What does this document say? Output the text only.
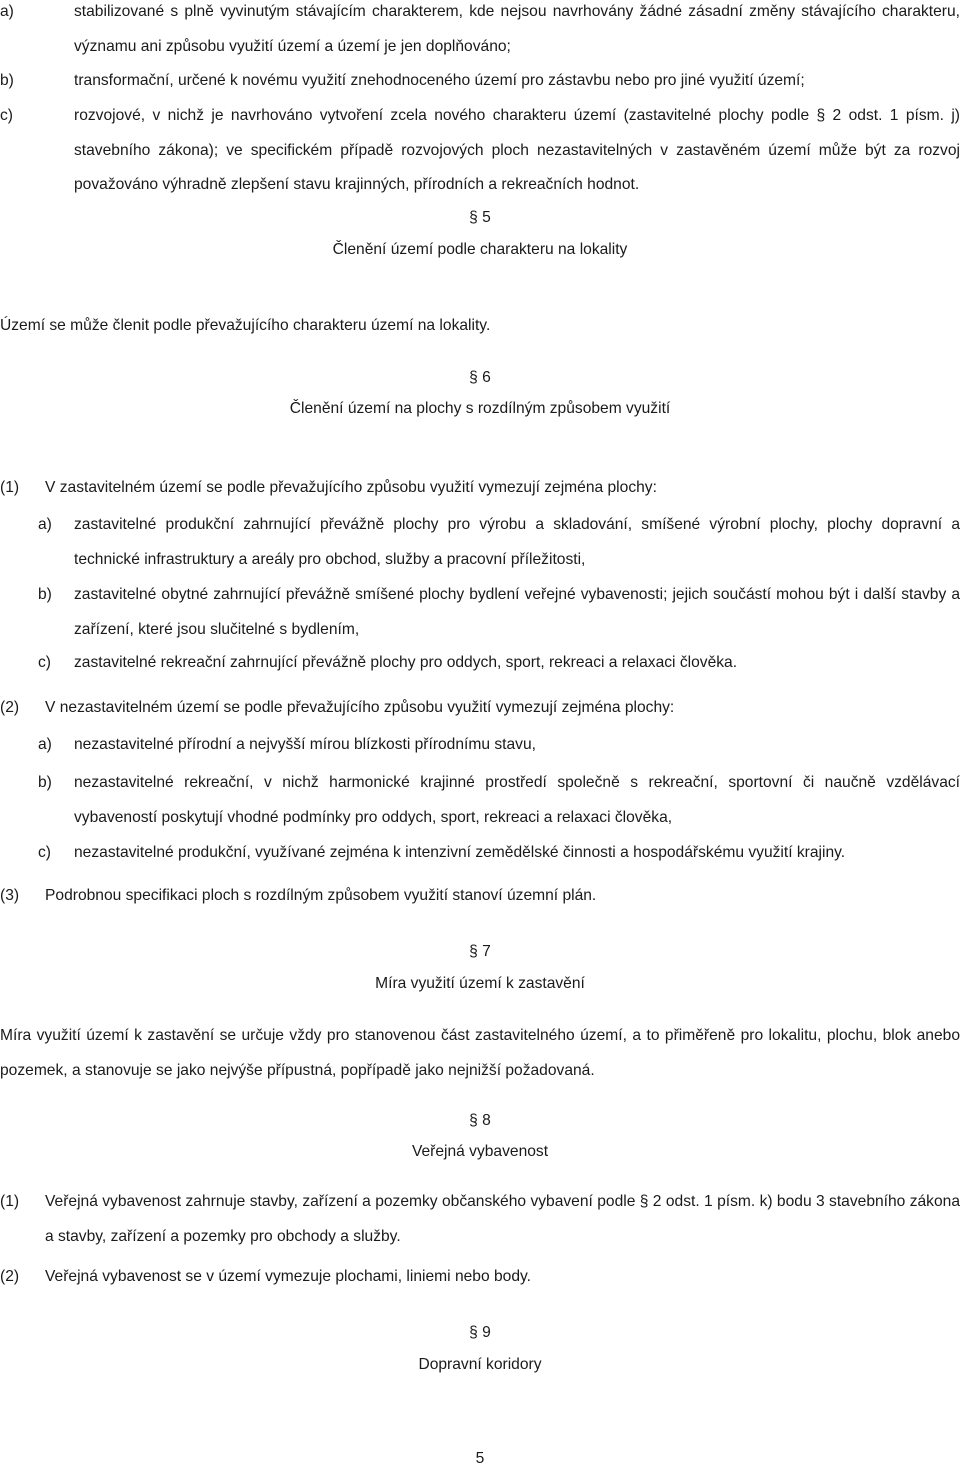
a)	stabilizované s plně vyvinutým stávajícím charakterem, kde nejsou navrhovány žádné zásadní změny stávajícího charakteru, významu ani způsobu využití území a území je jen doplňováno;
b)	transformační, určené k novému využití znehodnoceného území pro zástavbu nebo pro jiné využití území;
c)	rozvojové, v nichž je navrhováno vytvoření zcela nového charakteru území (zastavitelné plochy podle § 2 odst. 1 písm. j) stavebního zákona); ve specifickém případě rozvojových ploch nezastavitelných v zastavěném území může být za rozvoj považováno výhradně zlepšení stavu krajinných, přírodních a rekreačních hodnot.
§ 5
Členění území podle charakteru na lokality
Území se může členit podle převažujícího charakteru území na lokality.
§ 6
Členění území na plochy s rozdílným způsobem využití
(1) V zastavitelném území se podle převažujícího způsobu využití vymezují zejména plochy:
a) zastavitelné produkční zahrnující převážně plochy pro výrobu a skladování, smíšené výrobní plochy, plochy dopravní a technické infrastruktury a areály pro obchod, služby a pracovní příležitosti,
b) zastavitelné obytné zahrnující převážně smíšené plochy bydlení veřejné vybavenosti; jejich součástí mohou být i další stavby a zařízení, které jsou slučitelné s bydlením,
c) zastavitelné rekreační zahrnující převážně plochy pro oddych, sport, rekreaci a relaxaci člověka.
(2) V nezastavitelném území se podle převažujícího způsobu využití vymezují zejména plochy:
a) nezastavitelné přírodní a nejvyšší mírou blízkosti přírodnímu stavu,
b) nezastavitelné rekreační, v nichž harmonické krajinné prostředí společně s rekreační, sportovní či naučně vzdělávací vybaveností poskytují vhodné podmínky pro oddych, sport, rekreaci a relaxaci člověka,
c) nezastavitelné produkční, využívané zejména k intenzivní zemědělské činnosti a hospodářskému využití krajiny.
(3) Podrobnou specifikaci ploch s rozdílným způsobem využití stanoví územní plán.
§ 7
Míra využití území k zastavění
Míra využití území k zastavění se určuje vždy pro stanovenou část zastavitelného území, a to přiměřeně pro lokalitu, plochu, blok anebo pozemek, a stanovuje se jako nejvýše přípustná, popřípadě jako nejnižší požadovaná.
§ 8
Veřejná vybavenost
(1) Veřejná vybavenost zahrnuje stavby, zařízení a pozemky občanského vybavení podle § 2 odst. 1 písm. k) bodu 3 stavebního zákona a stavby, zařízení a pozemky pro obchody a služby.
(2) Veřejná vybavenost se v území vymezuje plochami, liniemi nebo body.
§ 9
Dopravní koridory
5
